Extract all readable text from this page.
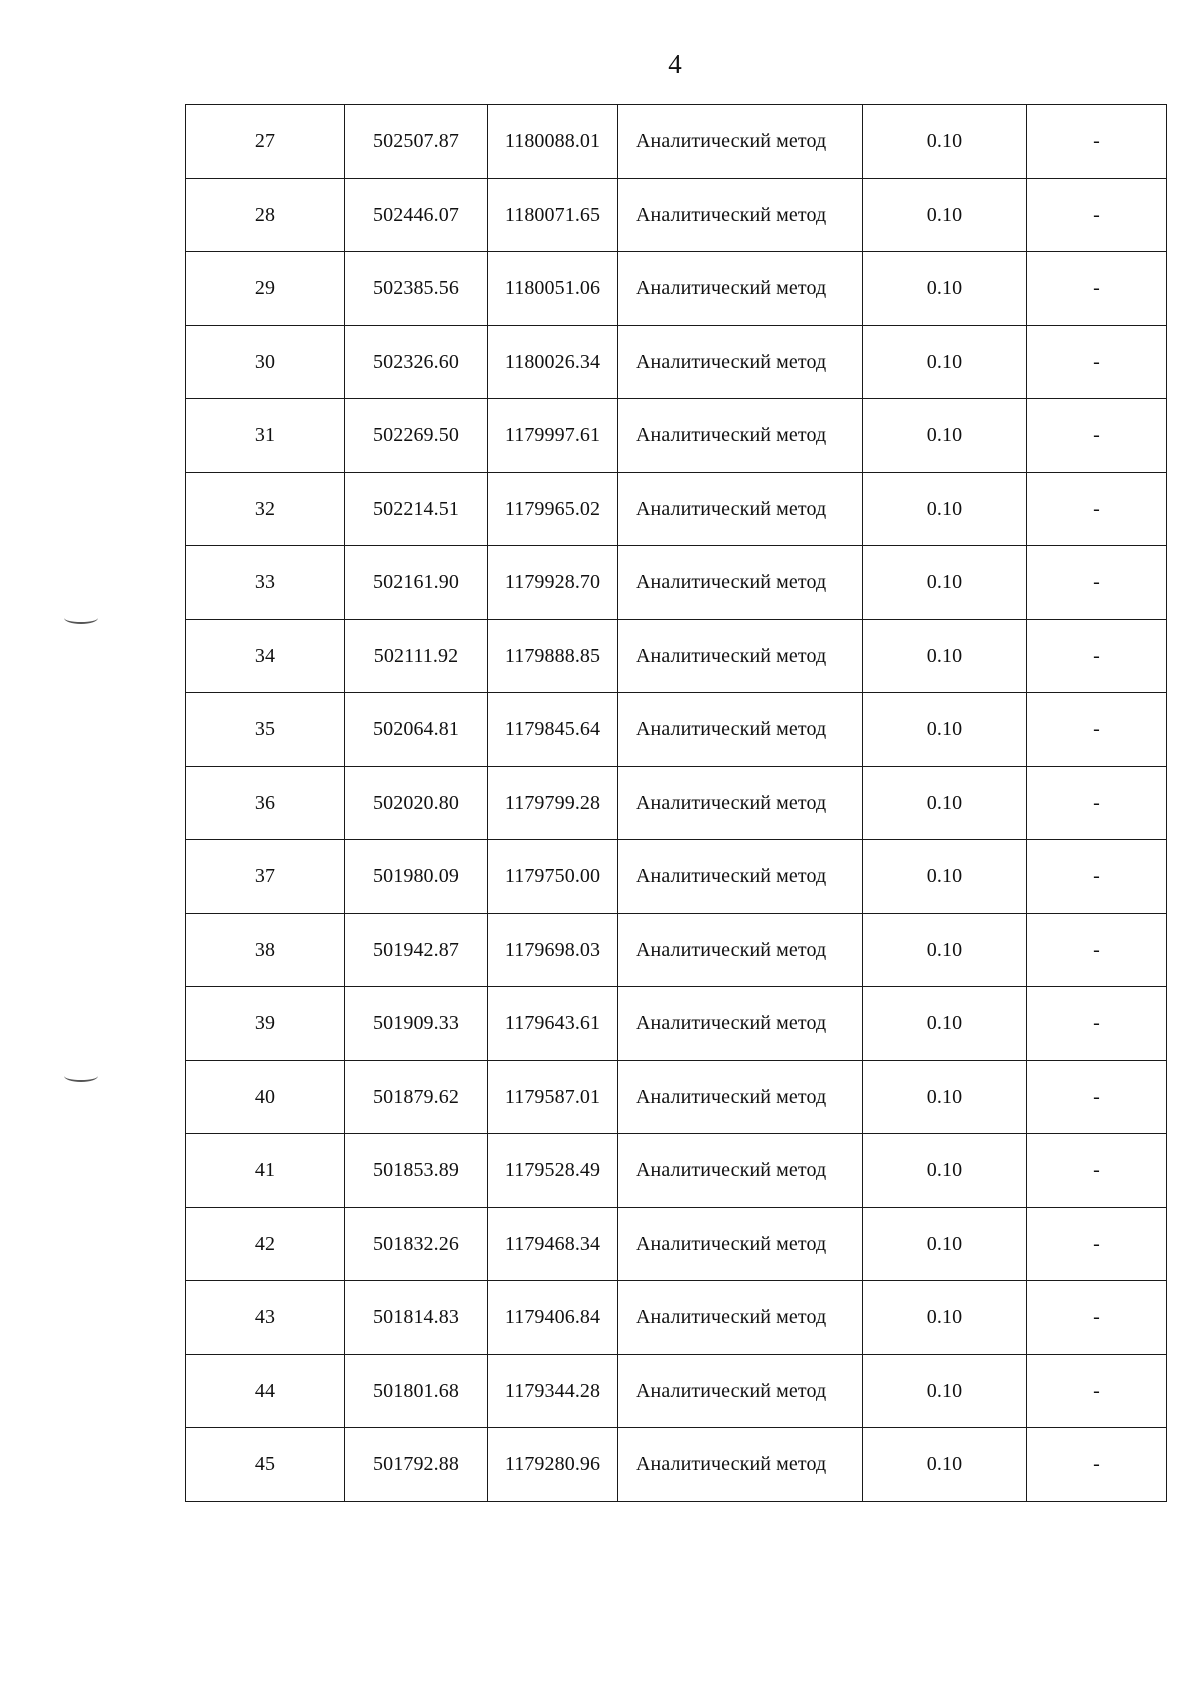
4
27	502507.87	1180088.01	Аналитический метод	0.10	-
28	502446.07	1180071.65	Аналитический метод	0.10	-
29	502385.56	1180051.06	Аналитический метод	0.10	-
30	502326.60	1180026.34	Аналитический метод	0.10	-
31	502269.50	1179997.61	Аналитический метод	0.10	-
32	502214.51	1179965.02	Аналитический метод	0.10	-
33	502161.90	1179928.70	Аналитический метод	0.10	-
34	502111.92	1179888.85	Аналитический метод	0.10	-
35	502064.81	1179845.64	Аналитический метод	0.10	-
36	502020.80	1179799.28	Аналитический метод	0.10	-
37	501980.09	1179750.00	Аналитический метод	0.10	-
38	501942.87	1179698.03	Аналитический метод	0.10	-
39	501909.33	1179643.61	Аналитический метод	0.10	-
40	501879.62	1179587.01	Аналитический метод	0.10	-
41	501853.89	1179528.49	Аналитический метод	0.10	-
42	501832.26	1179468.34	Аналитический метод	0.10	-
43	501814.83	1179406.84	Аналитический метод	0.10	-
44	501801.68	1179344.28	Аналитический метод	0.10	-
45	501792.88	1179280.96	Аналитический метод	0.10	-
